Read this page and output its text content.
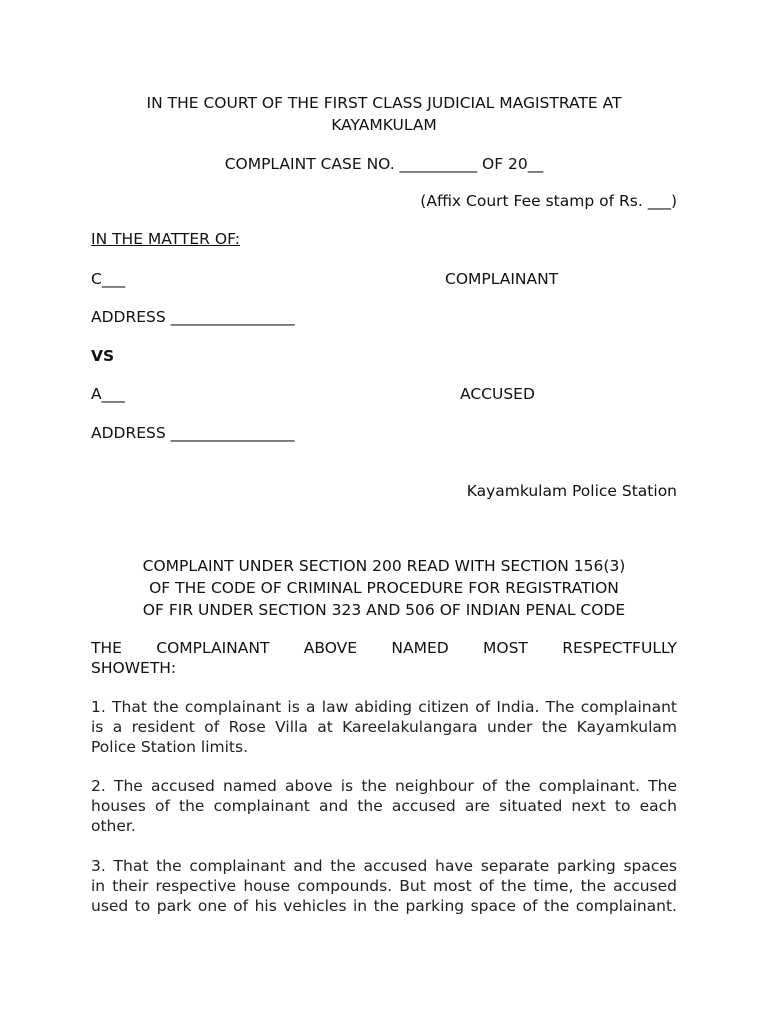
IN THE COURT OF THE FIRST CLASS JUDICIAL MAGISTRATE AT
KAYAMKULAM
COMPLAINT CASE NO. __________ OF 20__
(Affix Court Fee stamp of Rs. ___)
IN THE MATTER OF:
C___	COMPLAINANT
ADDRESS ________________
VS
A___	ACCUSED
ADDRESS ________________
Kayamkulam Police Station
COMPLAINT UNDER SECTION 200 READ WITH SECTION 156(3)
OF THE CODE OF CRIMINAL PROCEDURE FOR REGISTRATION
OF FIR UNDER SECTION 323 AND 506 OF INDIAN PENAL CODE
THE COMPLAINANT ABOVE NAMED MOST RESPECTFULLY
SHOWETH:
1. That the complainant is a law abiding citizen of India. The complainant
is a resident of Rose Villa at Kareelakulangara under the Kayamkulam
Police Station limits.
2. The accused named above is the neighbour of the complainant. The
houses of the complainant and the accused are situated next to each
other.
3. That the complainant and the accused have separate parking spaces
in their respective house compounds. But most of the time, the accused
used to park one of his vehicles in the parking space of the complainant.
